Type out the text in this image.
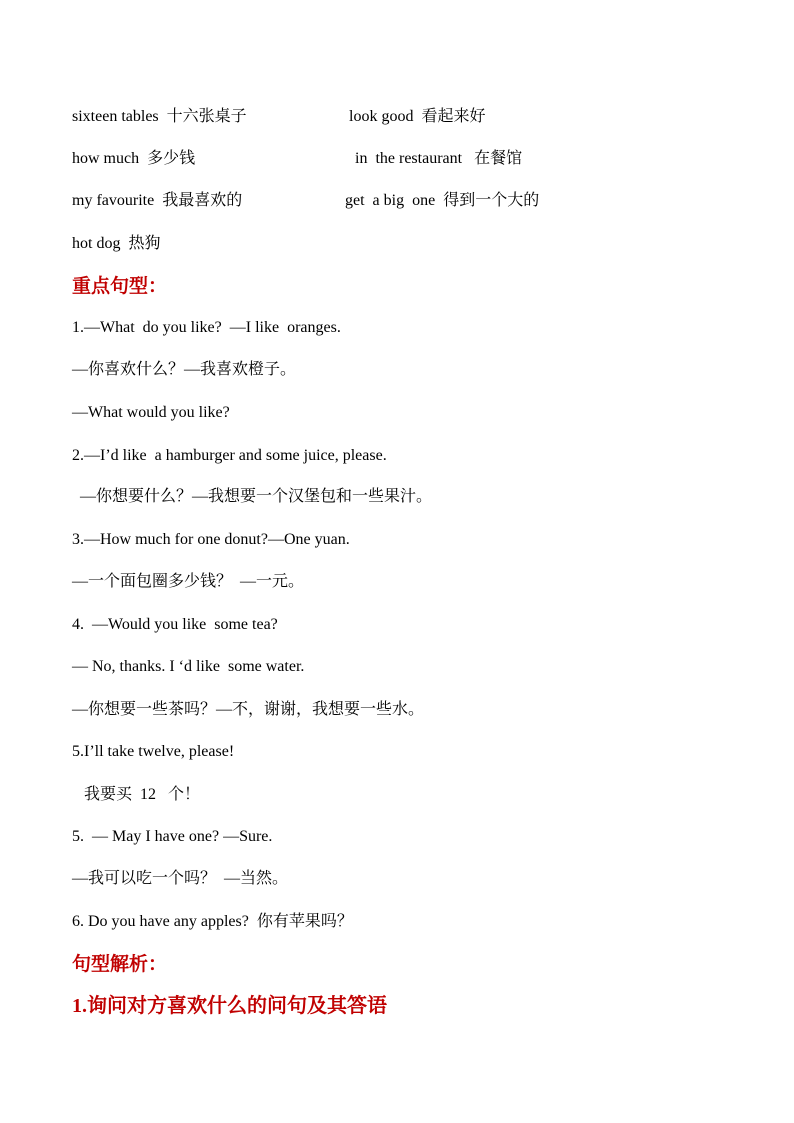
sixteen tables  十六张桌子	look good  看起来好
how much  多少钱	in  the restaurant   在餐馆
my favourite  我最喜欢的	get  a big  one  得到一个大的
hot dog  热狗
重点句型：
1.—What  do you like?  —I like  oranges.
—你喜欢什么？—我喜欢橙子。
—What would you like?
2.—I’d like  a hamburger and some juice, please.
—你想要什么？—我想要一个汉堡包和一些果汁。
3.—How much for one donut?—One yuan.
—一个面包圈多少钱？  —一元。
4.  —Would you like  some tea?
— No, thanks. I ‘d like  some water.
—你想要一些茶吗？—不，谢谢，我想要一些水。
5.I’ll take twelve, please!
我要买  12   个！
5.  — May I have one? —Sure.
—我可以吃一个吗？  —当然。
6. Do you have any apples?  你有苹果吗？
句型解析：
1.询问对方喜欢什么的问句及其答语
